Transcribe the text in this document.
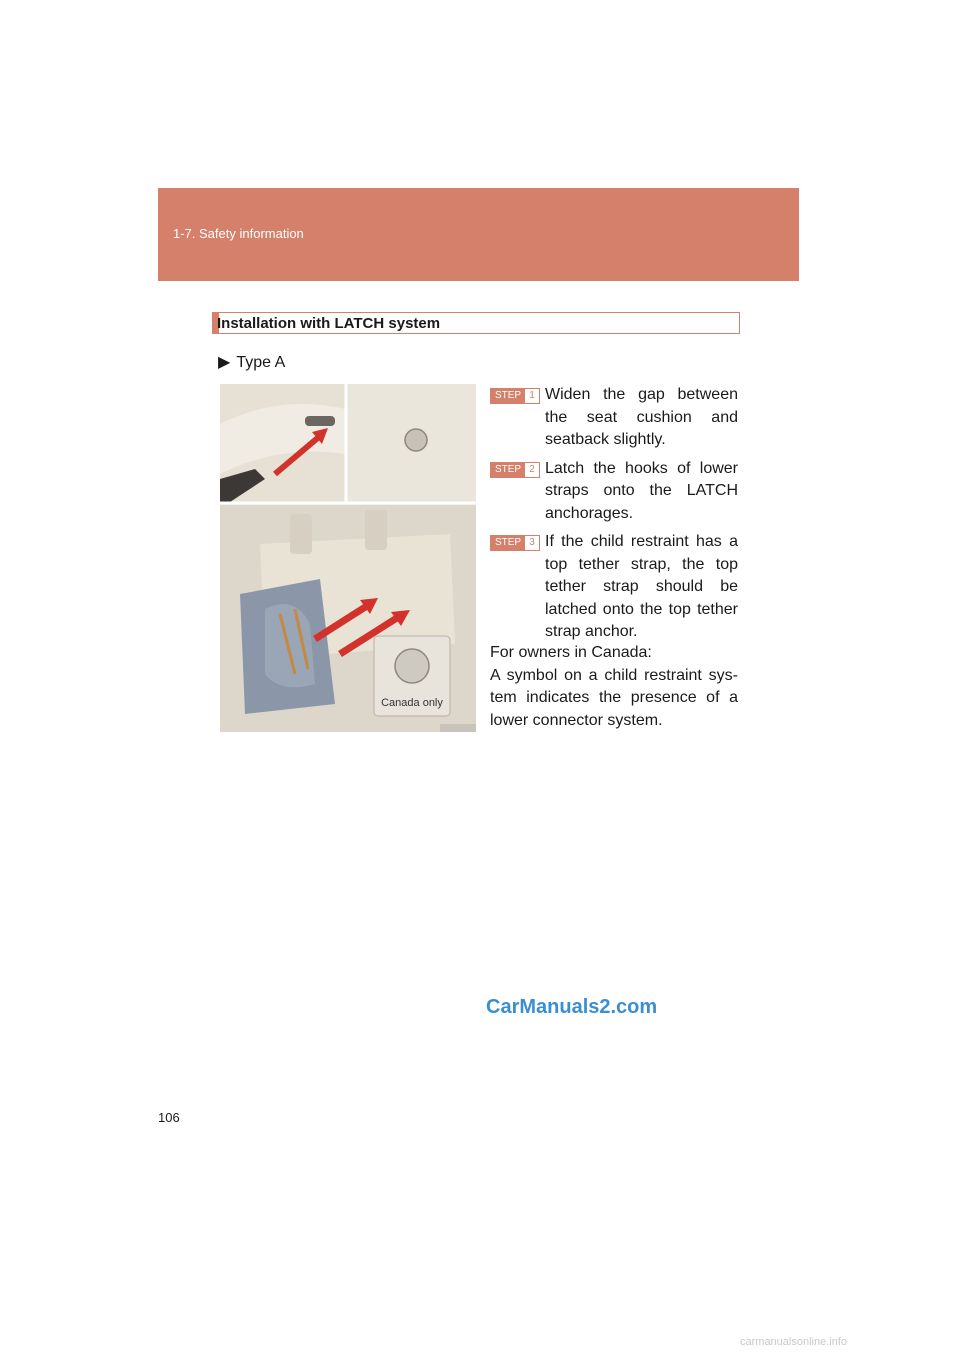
1-7. Safety information
Installation with LATCH system
▶ Type A
Canada only
STEP 1 Widen the gap between the seat cushion and seatback slightly.
STEP 2 Latch the hooks of lower straps onto the LATCH anchorages.
STEP 3 If the child restraint has a top tether strap, the top tether strap should be latched onto the top tether strap anchor.
For owners in Canada:
A symbol on a child restraint sys-tem indicates the presence of a lower connector system.
106
CarManuals2.com
carmanualsonline.info
